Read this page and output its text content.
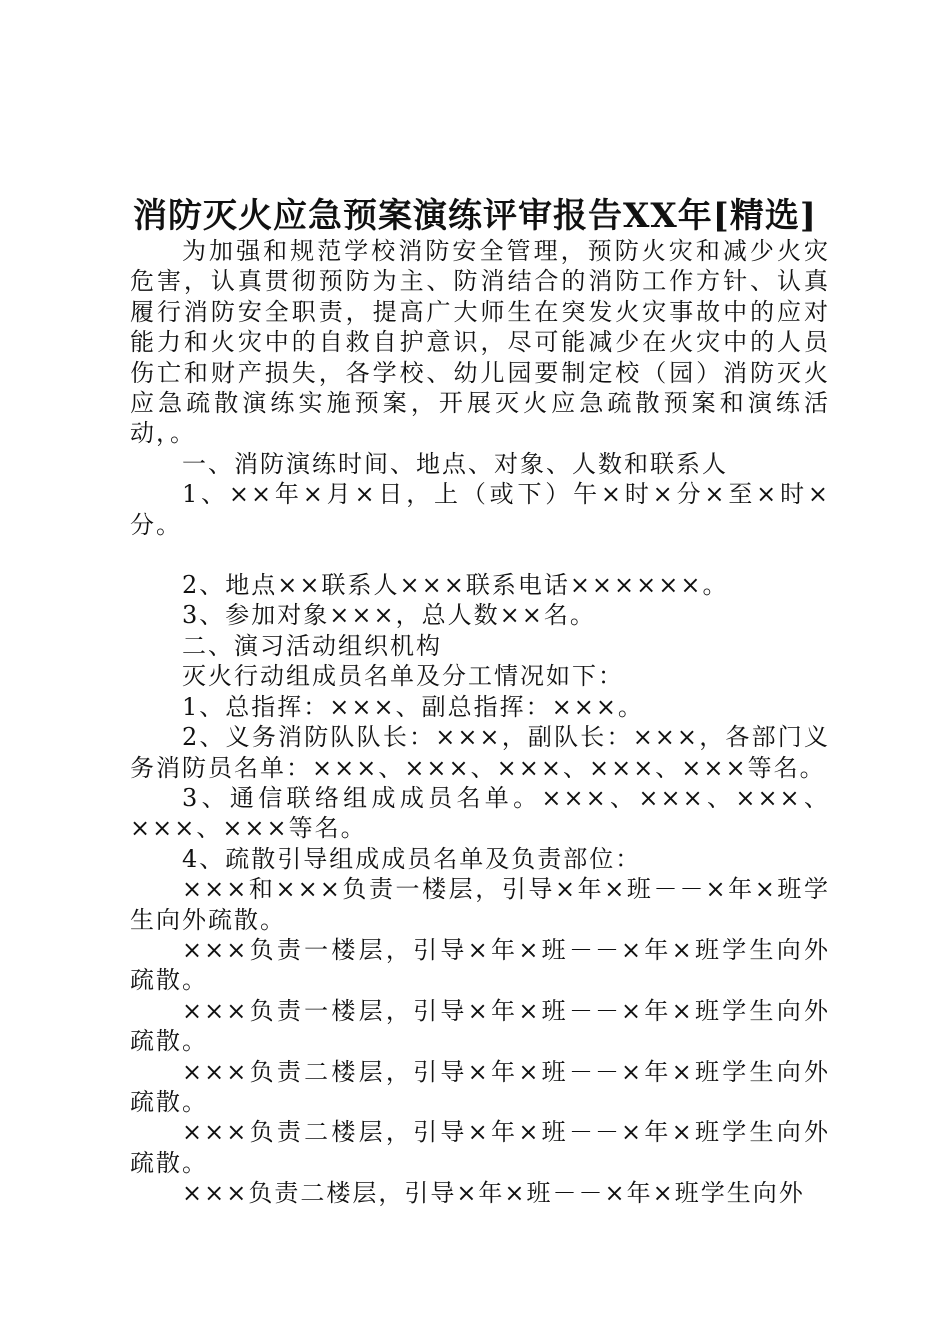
消防灭火应急预案演练评审报告XX年[精选]

为加强和规范学校消防安全管理，预防火灾和减少火灾危害，认真贯彻预防为主、防消结合的消防工作方针、认真履行消防安全职责，提高广大师生在突发火灾事故中的应对能力和火灾中的自救自护意识，尽可能减少在火灾中的人员伤亡和财产损失，各学校、幼儿园要制定校（园）消防灭火应急疏散演练实施预案，开展灭火应急疏散预案和演练活动，。

一、消防演练时间、地点、对象、人数和联系人

1、××年×月×日，上（或下）午×时×分×至×时×分。

2、地点××联系人×××联系电话××××××。

3、参加对象×××，总人数××名。

二、演习活动组织机构

灭火行动组成员名单及分工情况如下：

1、总指挥：×××、副总指挥：×××。

2、义务消防队队长：×××，副队长：×××，各部门义务消防员名单：×××、×××、×××、×××、×××等名。

3、通信联络组成成员名单。×××、×××、×××、×××、×××等名。

4、疏散引导组成成员名单及负责部位：

×××和×××负责一楼层，引导×年×班－－×年×班学生向外疏散。

×××负责一楼层，引导×年×班－－×年×班学生向外疏散。

×××负责一楼层，引导×年×班－－×年×班学生向外疏散。

×××负责二楼层，引导×年×班－－×年×班学生向外疏散。

×××负责二楼层，引导×年×班－－×年×班学生向外疏散。

×××负责二楼层，引导×年×班－－×年×班学生向外
